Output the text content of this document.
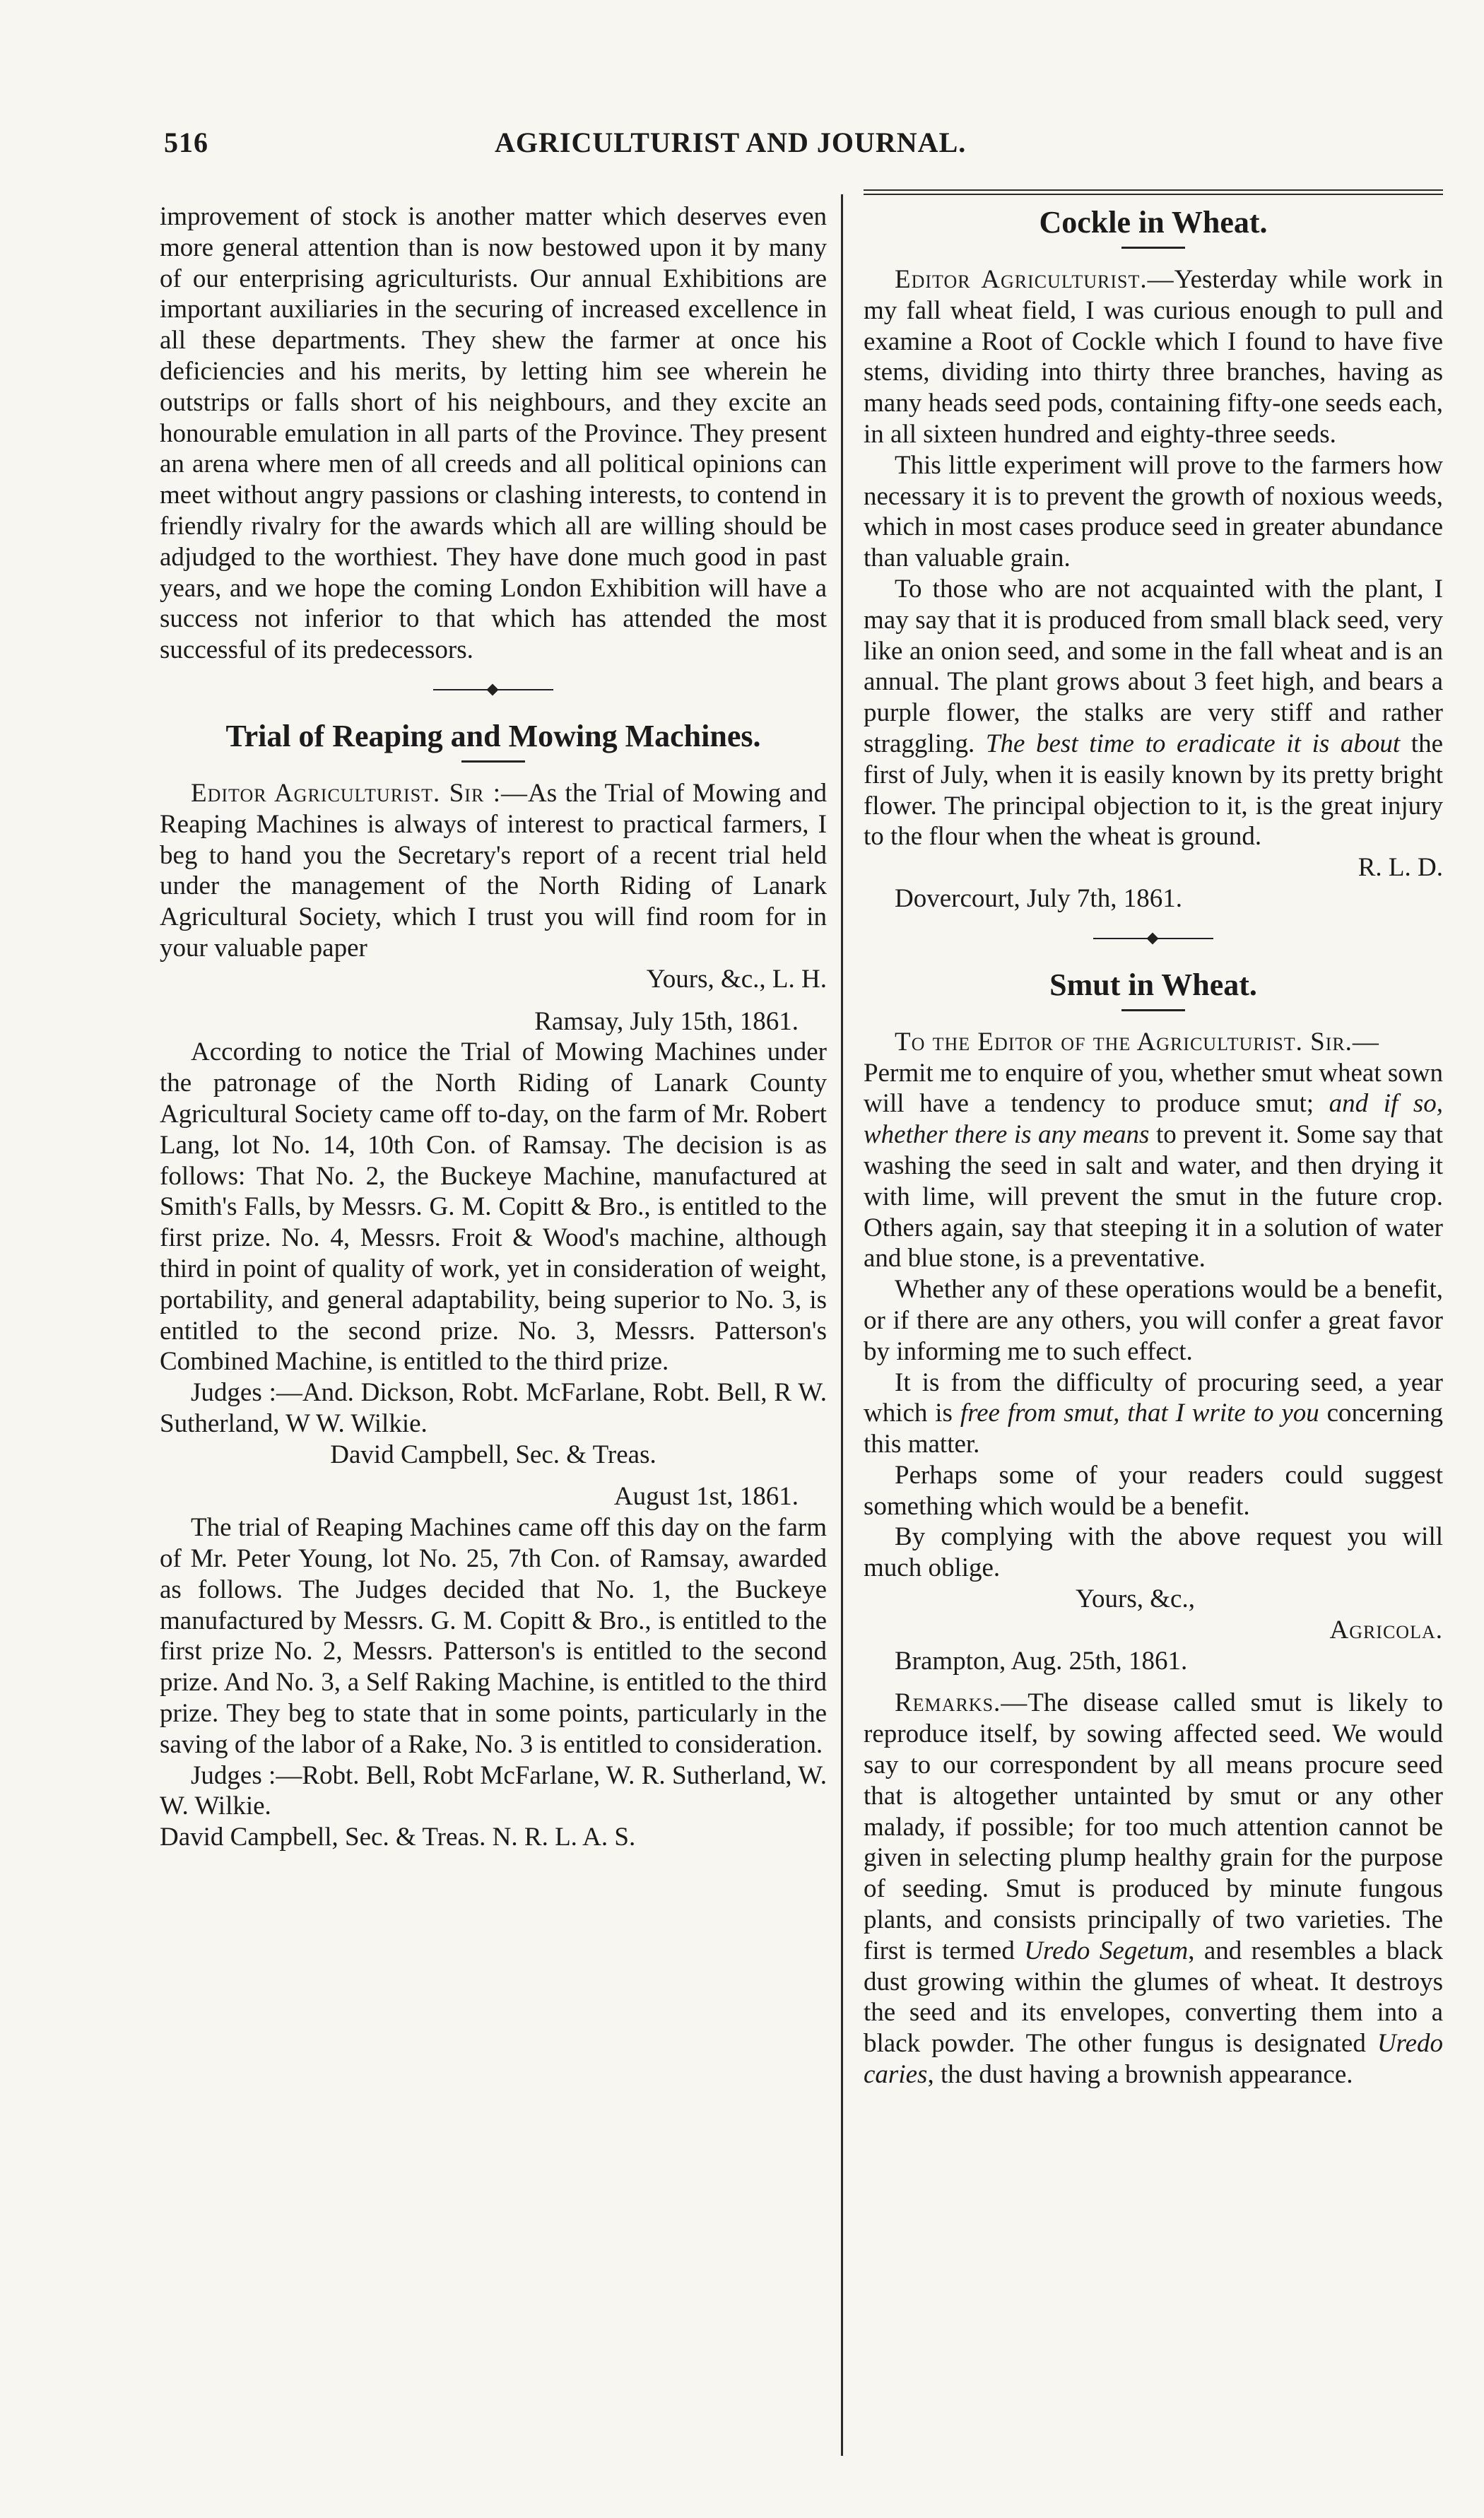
516	AGRICULTURIST AND JOURNAL.

improvement of stock is another matter which deserves even more general attention than is now bestowed upon it by many of our enterprising agriculturists. Our annual Exhibitions are important auxiliaries in the securing of increased excellence in all these departments. They shew the farmer at once his deficiencies and his merits, by letting him see wherein he outstrips or falls short of his neighbours, and they excite an honourable emulation in all parts of the Province. They present an arena where men of all creeds and all political opinions can meet without angry passions or clashing interests, to contend in friendly rivalry for the awards which all are willing should be adjudged to the worthiest. They have done much good in past years, and we hope the coming London Exhibition will have a success not inferior to that which has attended the most successful of its predecessors.

Trial of Reaping and Mowing Machines.

Editor Agriculturist. Sir :—As the Trial of Mowing and Reaping Machines is always of interest to practical farmers, I beg to hand you the Secretary's report of a recent trial held under the management of the North Riding of Lanark Agricultural Society, which I trust you will find room for in your valuable paper

Yours, &c., L. H.

Ramsay, July 15th, 1861.

According to notice the Trial of Mowing Machines under the patronage of the North Riding of Lanark County Agricultural Society came off to-day, on the farm of Mr. Robert Lang, lot No. 14, 10th Con. of Ramsay. The decision is as follows: That No. 2, the Buckeye Machine, manufactured at Smith's Falls, by Messrs. G. M. Copitt & Bro., is entitled to the first prize. No. 4, Messrs. Froit & Wood's machine, although third in point of quality of work, yet in consideration of weight, portability, and general adaptability, being superior to No. 3, is entitled to the second prize. No. 3, Messrs. Patterson's Combined Machine, is entitled to the third prize.

Judges :—And. Dickson, Robt. McFarlane, Robt. Bell, R W. Sutherland, W W. Wilkie.

David Campbell, Sec. & Treas.

August 1st, 1861.

The trial of Reaping Machines came off this day on the farm of Mr. Peter Young, lot No. 25, 7th Con. of Ramsay, awarded as follows. The Judges decided that No. 1, the Buckeye manufactured by Messrs. G. M. Copitt & Bro., is entitled to the first prize No. 2, Messrs. Patterson's is entitled to the second prize. And No. 3, a Self Raking Machine, is entitled to the third prize. They beg to state that in some points, particularly in the saving of the labor of a Rake, No. 3 is entitled to consideration.

Judges :—Robt. Bell, Robt McFarlane, W. R. Sutherland, W. W. Wilkie.

David Campbell, Sec. & Treas. N. R. L. A. S.

Cockle in Wheat.

Editor Agriculturist.—Yesterday while work in my fall wheat field, I was curious enough to pull and examine a Root of Cockle which I found to have five stems, dividing into thirty three branches, having as many heads seed pods, containing fifty-one seeds each, in all sixteen hundred and eighty-three seeds.

This little experiment will prove to the farmers how necessary it is to prevent the growth of noxious weeds, which in most cases produce seed in greater abundance than valuable grain.

To those who are not acquainted with the plant, I may say that it is produced from small black seed, very like an onion seed, and some in the fall wheat and is an annual. The plant grows about 3 feet high, and bears a purple flower, the stalks are very stiff and rather straggling. The best time to eradicate it is about the first of July, when it is easily known by its pretty bright flower. The principal objection to it, is the great injury to the flour when the wheat is ground.

R. L. D.

Dovercourt, July 7th, 1861.

Smut in Wheat.

To the Editor of the Agriculturist. Sir.—

Permit me to enquire of you, whether smut wheat sown will have a tendency to produce smut; and if so, whether there is any means to prevent it. Some say that washing the seed in salt and water, and then drying it with lime, will prevent the smut in the future crop. Others again, say that steeping it in a solution of water and blue stone, is a preventative.

Whether any of these operations would be a benefit, or if there are any others, you will confer a great favor by informing me to such effect.

It is from the difficulty of procuring seed, a year which is free from smut, that I write to you concerning this matter.

Perhaps some of your readers could suggest something which would be a benefit.

By complying with the above request you will much oblige.

Yours, &c.,

Agricola.

Brampton, Aug. 25th, 1861.

Remarks.—The disease called smut is likely to reproduce itself, by sowing affected seed. We would say to our correspondent by all means procure seed that is altogether untainted by smut or any other malady, if possible; for too much attention cannot be given in selecting plump healthy grain for the purpose of seeding. Smut is produced by minute fungous plants, and consists principally of two varieties. The first is termed Uredo Segetum, and resembles a black dust growing within the glumes of wheat. It destroys the seed and its envelopes, converting them into a black powder. The other fungus is designated Uredo caries, the dust having a brownish appearance.
